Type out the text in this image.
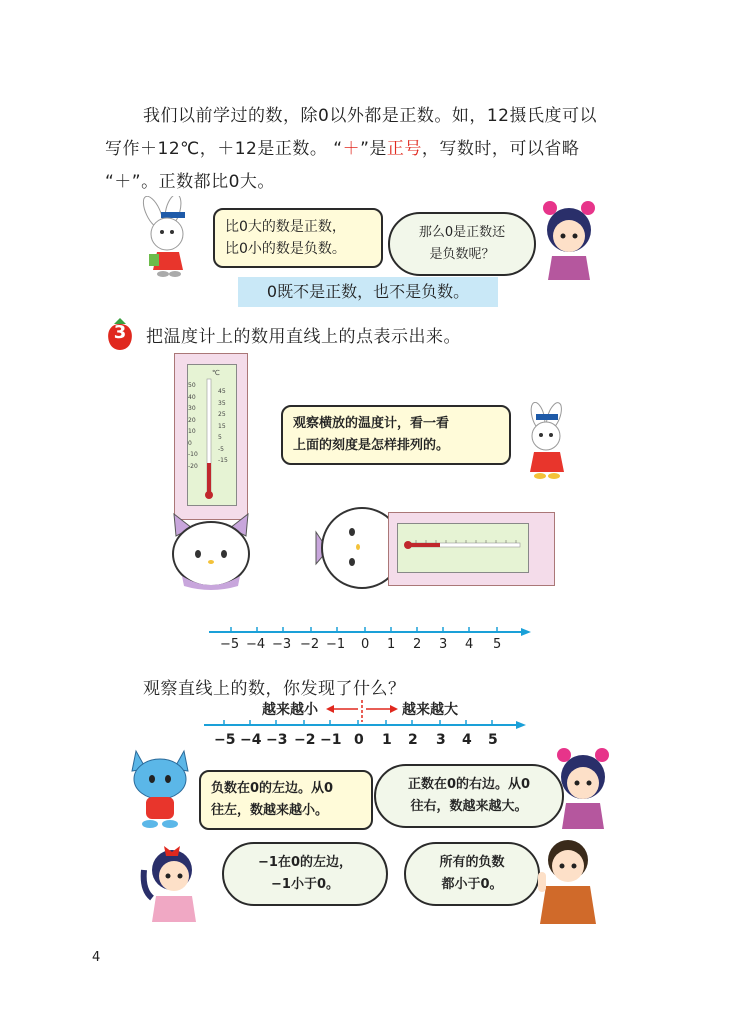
我们以前学过的数，除0以外都是正数。如，12摄氏度可以
写作＋12℃，＋12是正数。 “＋”是正号，写数时，可以省略
“＋”。正数都比0大。
比0大的数是正数，
比0小的数是负数。
那么0是正数还
是负数呢？
0既不是正数，也不是负数。
3	把温度计上的数用直线上的点表示出来。
℃
50
40
30
20
10
0
-10
-20
45
35
25
15
5
-5
-15
观察横放的温度计，看一看
上面的刻度是怎样排列的。
−5 −4 −3 −2 −1 0 1 2 3 4 5
观察直线上的数，你发现了什么？
越来越小	越来越大
−5 −4 −3 −2 −1 0 1 2 3 4 5
负数在0的左边。从0
往左，数越来越小。
正数在0的右边。从0
往右，数越来越大。
−1在0的左边，
−1小于0。
所有的负数
都小于0。
4
